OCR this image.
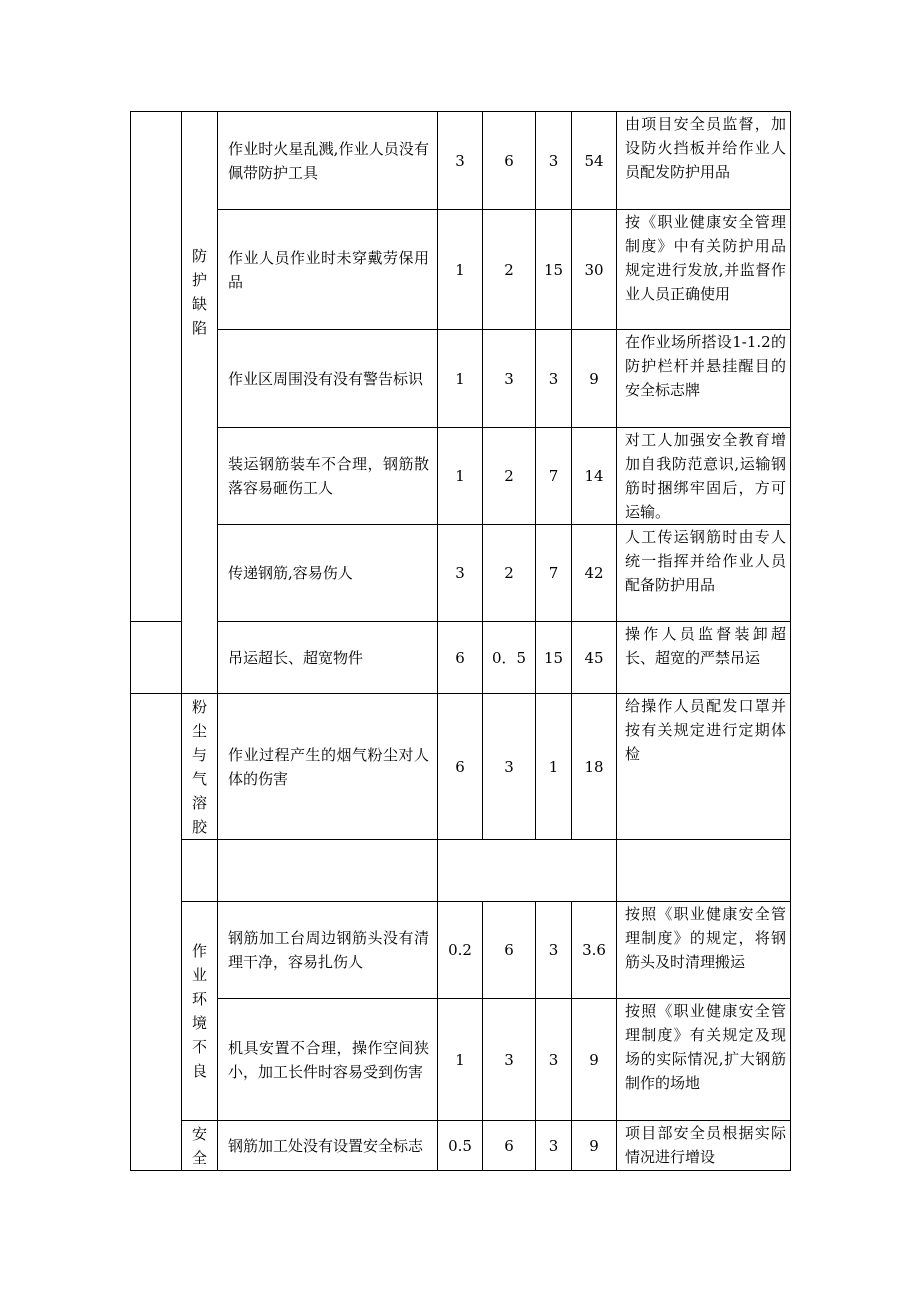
	防护缺陷	作业时火星乱溅,作业人员没有佩带防护工具	3	6	3	54	由项目安全员监督，加设防火挡板并给作业人员配发防护用品
		作业人员作业时未穿戴劳保用品	1	2	15	30	按《职业健康安全管理制度》中有关防护用品规定进行发放,并监督作业人员正确使用
		作业区周围没有没有警告标识	1	3	3	9	在作业场所搭设1-1.2的防护栏杆并悬挂醒目的安全标志牌
		装运钢筋装车不合理，钢筋散落容易砸伤工人	1	2	7	14	对工人加强安全教育增加自我防范意识,运输钢筋时捆绑牢固后，方可运输。
		传递钢筋,容易伤人	3	2	7	42	人工传运钢筋时由专人统一指挥并给作业人员配备防护用品
		吊运超长、超宽物件	6	0．5	15	45	操作人员监督装卸超长、超宽的严禁吊运

	粉尘与气溶胶	作业过程产生的烟气粉尘对人体的伤害	6	3	1	18	给操作人员配发口罩并按有关规定进行定期体检

	作业环境不良	钢筋加工台周边钢筋头没有清理干净，容易扎伤人	0.2	6	3	3.6	按照《职业健康安全管理制度》的规定，将钢筋头及时清理搬运
		机具安置不合理，操作空间狭小，加工长件时容易受到伤害	1	3	3	9	按照《职业健康安全管理制度》有关规定及现场的实际情况,扩大钢筋制作的场地

	安全	钢筋加工处没有设置安全标志	0.5	6	3	9	项目部安全员根据实际情况进行增设
